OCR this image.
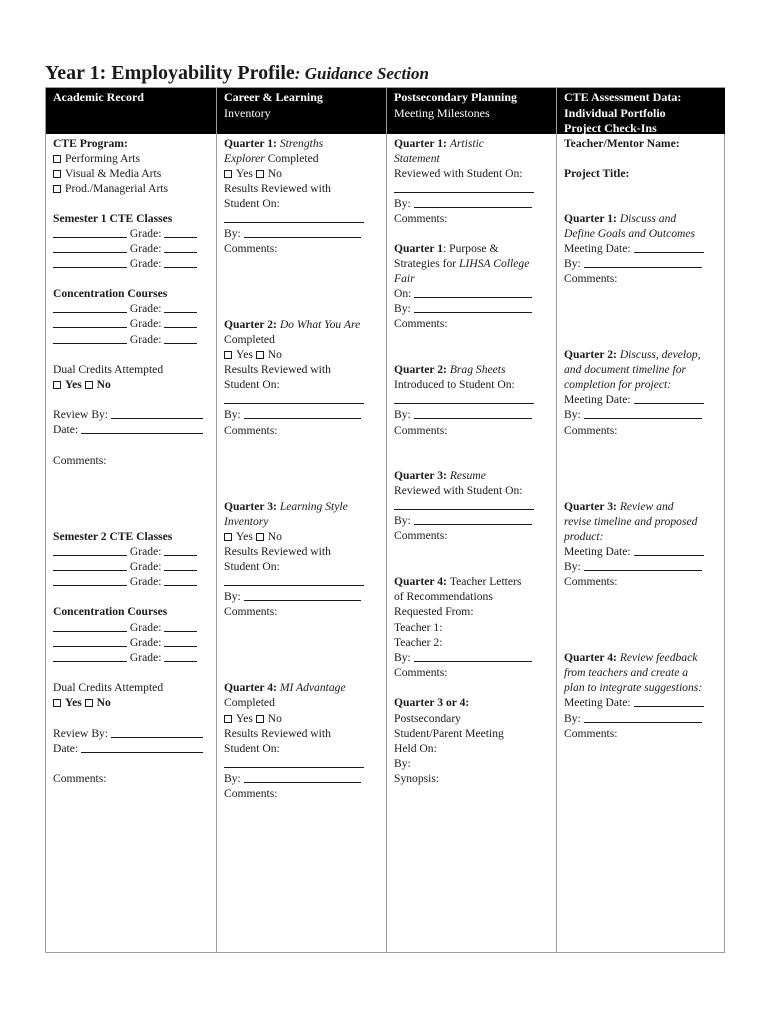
Year 1: Employability Profile: Guidance Section
Academic Record
CTE Program:
Performing Arts
Visual & Media Arts
Prod./Managerial Arts
Semester 1 CTE Classes
Grade:
Grade:
Grade:
Concentration Courses
Grade:
Grade:
Grade:
Dual Credits Attempted
Yes No
Review By:
Date:
Comments:
Semester 2 CTE Classes
Grade:
Grade:
Grade:
Concentration Courses
Grade:
Grade:
Grade:
Dual Credits Attempted
Yes No
Review By:
Date:
Comments:
Career & Learning
Inventory
Quarter 1: Strengths
Explorer Completed
Yes No
Results Reviewed with
Student On:
By:
Comments:
Quarter 2: Do What You Are
Completed
Yes No
Results Reviewed with
Student On:
By:
Comments:
Quarter 3: Learning Style
Inventory
Yes No
Results Reviewed with
Student On:
By:
Comments:
Quarter 4: MI Advantage
Completed
Yes No
Results Reviewed with
Student On:
By:
Comments:
Postsecondary Planning
Meeting Milestones
Quarter 1: Artistic
Statement
Reviewed with Student On:
By:
Comments:
Quarter 1: Purpose &
Strategies for LIHSA College
Fair
On:
By:
Comments:
Quarter 2: Brag Sheets
Introduced to Student On:
By:
Comments:
Quarter 3: Resume
Reviewed with Student On:
By:
Comments:
Quarter 4: Teacher Letters
of Recommendations
Requested From:
Teacher 1:
Teacher 2:
By:
Comments:
Quarter 3 or 4:
Postsecondary
Student/Parent Meeting
Held On:
By:
Synopsis:
CTE Assessment Data:
Individual Portfolio
Project Check-Ins
Teacher/Mentor Name:
Project Title:
Quarter 1: Discuss and
Define Goals and Outcomes
Meeting Date:
By:
Comments:
Quarter 2: Discuss, develop,
and document timeline for
completion for project:
Meeting Date:
By:
Comments:
Quarter 3: Review and
revise timeline and proposed
product:
Meeting Date:
By:
Comments:
Quarter 4: Review feedback
from teachers and create a
plan to integrate suggestions:
Meeting Date:
By:
Comments:
